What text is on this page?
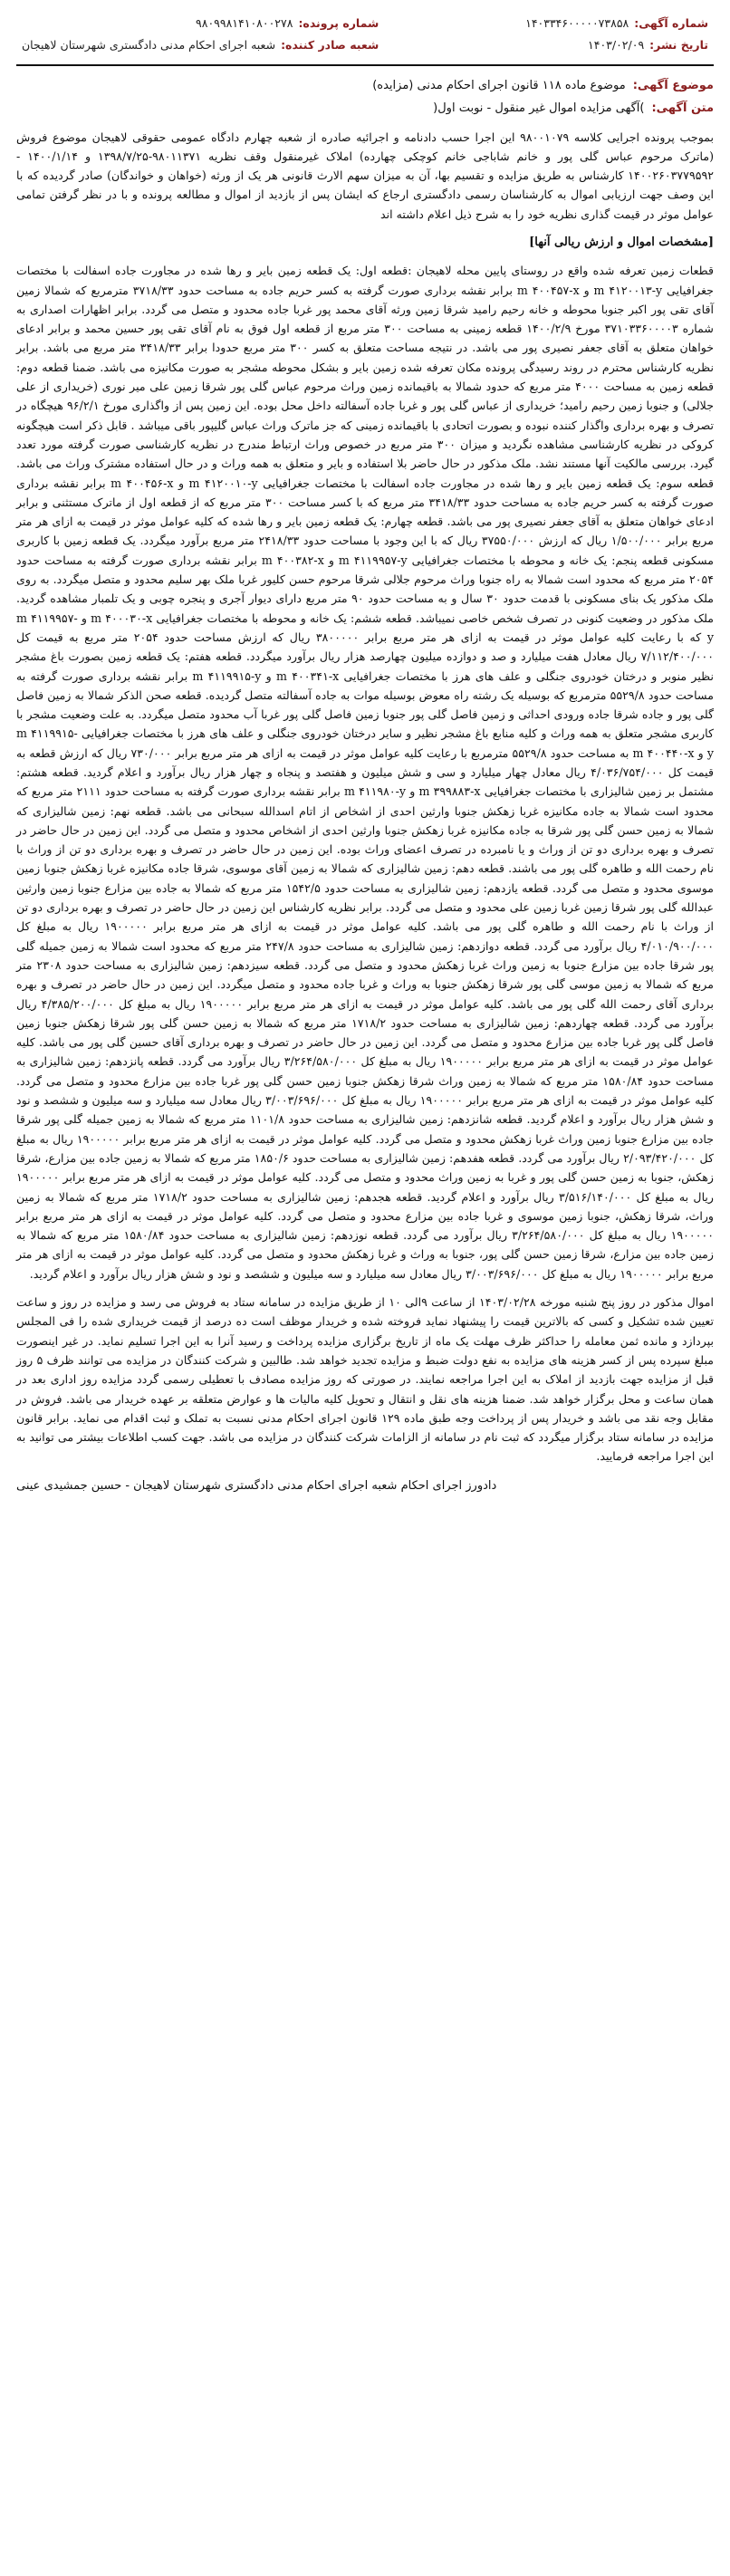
شماره آگهی:
۱۴۰۳۳۴۶۰۰۰۰۰۷۳۸۵۸
شماره پرونده:
۹۸۰۹۹۸۱۴۱۰۸۰۰۲۷۸
تاریخ نشر:
۱۴۰۳/۰۲/۰۹
شعبه صادر کننده:
شعبه اجرای احکام مدنی دادگستری شهرستان لاهیجان
موضوع آگهی:
موضوع ماده ۱۱۸ قانون اجرای احکام مدنی (مزایده)
متن آگهی:
)آگهی مزایده اموال غیر منقول - نوبت اول(

بموجب پرونده اجرایی کلاسه ۹۸۰۰۱۰۷۹ این اجرا حسب دادنامه و اجرائیه صادره از شعبه چهارم دادگاه عمومی حقوقی لاهیجان موضوع فروش (ماترک مرحوم عباس گلی پور و خانم شاباجی خانم کوچکی چهارده) املاک غیرمنقول وقف نظریه ۹۸۰۱۱۳۷۱-۱۳۹۸/۷/۲۵ و ۱۴۰۰/۱/۱۴ - ۱۴۰۰۲۶۰۳۷۷۹۵۹۲ کارشناس به طریق مزایده و تقسیم بها، آن به میزان سهم الارث قانونی هر یک از ورثه (خواهان و خواندگان) صادر گردیده که با این وصف جهت ارزیابی اموال به کارشناسان رسمی دادگستری ارجاع که ایشان پس از بازدید از اموال و مطالعه پرونده و با در نظر گرفتن تمامی عوامل موثر در قیمت گذاری نظریه خود را به شرح ذیل اعلام داشته اند

[مشخصات اموال و ارزش ریالی آنها]

قطعات زمین تعرفه شده واقع در روستای پایین محله لاهیجان :قطعه اول: یک قطعه زمین بایر و رها شده در مجاورت جاده اسفالت با مختصات جغرافیایی m ۴۱۲۰۰۱۳-y و m ۴۰۰۴۵۷-x برابر نقشه برداری صورت گرفته به کسر حریم جاده به مساحت حدود ۳۷۱۸/۳۳ مترمربع که شمالا زمین آقای تقی پور اکبر جنوبا محوطه و خانه رحیم رامید شرقا زمین ورثه آقای محمد پور غربا جاده محدود و متصل می گردد. برابر اظهارات اصداری به شماره ۳۷۱۰۳۳۶۰۰۰۰۳ مورخ ۱۴۰۰/۲/۹ قطعه زمینی به مساحت ۳۰۰ متر مربع از قطعه اول فوق به نام آقای تقی پور حسین محمد و برابر ادعای خواهان متعلق به آقای جعفر نصیری پور می باشد. در نتیجه مساحت متعلق به کسر ۳۰۰ متر مربع حدودا برابر ۳۴۱۸/۳۳ متر مربع می باشد. برابر نظریه کارشناس محترم در روند رسیدگی پرونده مکان تعرفه شده زمین بایر و بشکل محوطه مشجر به صورت مکانیزه می باشد. ضمنا قطعه دوم: قطعه زمین به مساحت ۴۰۰۰ متر مربع که حدود شمالا به باقیمانده زمین وراث مرحوم عباس گلی پور شرقا زمین علی میر نوری (خریداری از علی جلالی) و جنوبا زمین رحیم رامید؛ خریداری از عباس گلی پور و غربا جاده آسفالته داخل محل بوده. این زمین پس از واگذاری مورخ ۹۶/۲/۱ هیچگاه در تصرف و بهره برداری واگذار کننده نبوده و بصورت اتحادی با باقیمانده زمینی که جز ماترک وراث عباس گلیپور باقی میباشد . قابل ذکر است هیچگونه کروکی در نظریه کارشناسی مشاهده نگردید و میزان ۳۰۰ متر مربع در خصوص وراث ارتباط مندرج در نظریه کارشناسی صورت گرفته مورد تعدد گیرد. بررسی مالکیت آنها مستند نشد. ملک مذکور در حال حاضر بلا استفاده و بایر و متعلق به همه وراث و در حال استفاده مشترک وراث می باشد. قطعه سوم: یک قطعه زمین بایر و رها شده در مجاورت جاده اسفالت با مختصات جغرافیایی m ۴۱۲۰۰۱۰-y و m ۴۰۰۴۵۶-x برابر نقشه برداری صورت گرفته به کسر حریم جاده به مساحت حدود ۳۴۱۸/۳۳ متر مربع که با کسر مساحت ۳۰۰ متر مربع که از قطعه اول از ماترک مستثنی و برابر ادعای خواهان متعلق به آقای جعفر نصیری پور می باشد. قطعه چهارم: یک قطعه زمین بایر و رها شده که کلیه عوامل موثر در قیمت به ازای هر متر مربع برابر ۱/۵۰۰/۰۰۰ ریال که ارزش ۳۷۵۵۰/۰۰۰ ریال که با این وجود با مساحت حدود ۲۴۱۸/۳۳ متر مربع برآورد میگردد. یک قطعه زمین با کاربری مسکونی قطعه پنجم: یک خانه و محوطه با مختصات جغرافیایی m ۴۱۱۹۹۵۷-y و m ۴۰۰۳۸۲-x برابر نقشه برداری صورت گرفته به مساحت حدود ۲۰۵۴ متر مربع که محدود است شمالا به راه جنوبا وراث مرحوم جلالی شرقا مرحوم حسن کلیور غربا ملک بهر سلیم محدود و متصل میگردد. به روی ملک مذکور یک بنای مسکونی با قدمت حدود ۳۰ سال و به مساحت حدود ۹۰ متر مربع دارای دیوار آجری و پنجره چوبی و یک تلمبار مشاهده گردید. ملک مذکور در وضعیت کنونی در تصرف شخص خاصی نمیباشد. قطعه ششم: یک خانه و محوطه با مختصات جغرافیایی m ۴۰۰۰۳۰-x و m ۴۱۱۹۹۵۷-y که با رعایت کلیه عوامل موثر در قیمت به ازای هر متر مربع برابر ۳۸۰۰۰۰۰ ریال که ارزش مساحت حدود ۲۰۵۴ متر مربع به قیمت کل ۷/۱۱۲/۴۰۰/۰۰۰ ریال معادل هفت میلیارد و صد و دوازده میلیون چهارصد هزار ریال برآورد میگردد. قطعه هفتم: یک قطعه زمین بصورت باغ مشجر نظیر منوبر و درختان خودروی جنگلی و علف های هرز با مختصات جغرافیایی m ۴۰۰۳۴۱-x و m ۴۱۱۹۹۱۵-y برابر نقشه برداری صورت گرفته به مساحت حدود ۵۵۲۹/۸ مترمربع که بوسیله یک رشته راه معوض بوسیله موات به جاده آسفالته متصل گردیده. قطعه صحن الذکر شمالا به زمین فاصل گلی پور و جاده شرقا جاده ورودی احداثی و زمین فاصل گلی پور جنوبا زمین فاصل گلی پور غربا آب محدود متصل میگردد. به علت وضعیت مشجر با کاربری مشجر متعلق به همه وراث و کلیه منابع باغ مشجر نظیر و سایر درختان خودروی جنگلی و علف های هرز با مختصات جغرافیایی m ۴۱۱۹۹۱۵-y و m ۴۰۰۴۴۰-x به مساحت حدود ۵۵۲۹/۸ مترمربع با رعایت کلیه عوامل موثر در قیمت به ازای هر متر مربع برابر ۷۳۰/۰۰۰ ریال که ارزش قطعه به قیمت کل ۴/۰۳۶/۷۵۴/۰۰۰ ریال معادل چهار میلیارد و سی و شش میلیون و هفتصد و پنجاه و چهار هزار ریال برآورد و اعلام گردید. قطعه هشتم: مشتمل بر زمین شالیزاری با مختصات جغرافیایی m ۳۹۹۸۸۳-x و m ۴۱۱۹۸۰-y برابر نقشه برداری صورت گرفته به مساحت حدود ۲۱۱۱ متر مربع که محدود است شمالا به جاده مکانیزه غربا زهکش جنوبا وارثین احدی از اشخاص از اتام اسدالله سبحانی می باشد. قطعه نهم: زمین شالیزاری که شمالا به زمین حسن گلی پور شرقا به جاده مکانیزه غربا زهکش جنوبا وارثین احدی از اشخاص محدود و متصل می گردد. این زمین در حال حاضر در تصرف و بهره برداری دو تن از وراث و یا نامبرده در تصرف اعضای وراث بوده. این زمین در حال حاضر در تصرف و بهره برداری دو تن از وراث با نام رحمت الله و طاهره گلی پور می باشند. قطعه دهم: زمین شالیزاری که شمالا به زمین آقای موسوی، شرقا جاده مکانیزه غربا زهکش جنوبا زمین موسوی محدود و متصل می گردد. قطعه یازدهم: زمین شالیزاری به مساحت حدود ۱۵۴۲/۵ متر مربع که شمالا به جاده بین مزارع جنوبا زمین وارثین عبدالله گلی پور شرقا زمین غربا زمین علی محدود و متصل می گردد. برابر نظریه کارشناس این زمین در حال حاضر در تصرف و بهره برداری دو تن از وراث با نام رحمت الله و طاهره گلی پور می باشد. کلیه عوامل موثر در قیمت به ازای هر متر مربع برابر ۱۹۰۰۰۰۰ ریال به مبلغ کل ۴/۰۱۰/۹۰۰/۰۰۰ ریال برآورد می گردد. قطعه دوازدهم: زمین شالیزاری به مساحت حدود ۲۴۷/۸ متر مربع که محدود است شمالا به زمین جمیله گلی پور شرقا جاده بین مزارع جنوبا به زمین وراث غربا زهکش محدود و متصل می گردد. قطعه سیزدهم: زمین شالیزاری به مساحت حدود ۲۳۰۸ متر مربع که شمالا به زمین موسی گلی پور شرقا زهکش جنوبا به وراث و غربا جاده محدود و متصل میگردد. این زمین در حال حاضر در تصرف و بهره برداری آقای رحمت الله گلی پور می باشد. کلیه عوامل موثر در قیمت به ازای هر متر مربع برابر ۱۹۰۰۰۰۰ ریال به مبلغ کل ۴/۳۸۵/۲۰۰/۰۰۰ ریال برآورد می گردد. قطعه چهاردهم: زمین شالیزاری به مساحت حدود ۱۷۱۸/۲ متر مربع که شمالا به زمین حسن گلی پور شرقا زهکش جنوبا زمین فاصل گلی پور غربا جاده بین مزارع محدود و متصل می گردد. این زمین در حال حاضر در تصرف و بهره برداری آقای حسین گلی پور می باشد. کلیه عوامل موثر در قیمت به ازای هر متر مربع برابر ۱۹۰۰۰۰۰ ریال به مبلغ کل ۳/۲۶۴/۵۸۰/۰۰۰ ریال برآورد می گردد. قطعه پانزدهم: زمین شالیزاری به مساحت حدود ۱۵۸۰/۸۴ متر مربع که شمالا به زمین وراث شرقا زهکش جنوبا زمین حسن گلی پور غربا جاده بین مزارع محدود و متصل می گردد. کلیه عوامل موثر در قیمت به ازای هر متر مربع برابر ۱۹۰۰۰۰۰ ریال به مبلغ کل ۳/۰۰۳/۶۹۶/۰۰۰ ریال معادل سه میلیارد و سه میلیون و ششصد و نود و شش هزار ریال برآورد و اعلام گردید. قطعه شانزدهم: زمین شالیزاری به مساحت حدود ۱۱۰۱/۸ متر مربع که شمالا به زمین جمیله گلی پور شرقا جاده بین مزارع جنوبا زمین وراث غربا زهکش محدود و متصل می گردد. کلیه عوامل موثر در قیمت به ازای هر متر مربع برابر ۱۹۰۰۰۰۰ ریال به مبلغ کل ۲/۰۹۳/۴۲۰/۰۰۰ ریال برآورد می گردد. قطعه هفدهم: زمین شالیزاری به مساحت حدود ۱۸۵۰/۶ متر مربع که شمالا به زمین جاده بین مزارع، شرقا زهکش، جنوبا به زمین حسن گلی پور و غربا به زمین وراث محدود و متصل می گردد. کلیه عوامل موثر در قیمت به ازای هر متر مربع برابر ۱۹۰۰۰۰۰ ریال به مبلغ کل ۳/۵۱۶/۱۴۰/۰۰۰ ریال برآورد و اعلام گردید. قطعه هجدهم: زمین شالیزاری به مساحت حدود ۱۷۱۸/۲ متر مربع که شمالا به زمین وراث، شرقا زهکش، جنوبا زمین موسوی و غربا جاده بین مزارع محدود و متصل می گردد. کلیه عوامل موثر در قیمت به ازای هر متر مربع برابر ۱۹۰۰۰۰۰ ریال به مبلغ کل ۳/۲۶۴/۵۸۰/۰۰۰ ریال برآورد می گردد. قطعه نوزدهم: زمین شالیزاری به مساحت حدود ۱۵۸۰/۸۴ متر مربع که شمالا به زمین جاده بین مزارع، شرقا زمین حسن گلی پور، جنوبا به وراث و غربا زهکش محدود و متصل می گردد. کلیه عوامل موثر در قیمت به ازای هر متر مربع برابر ۱۹۰۰۰۰۰ ریال به مبلغ کل ۳/۰۰۳/۶۹۶/۰۰۰ ریال معادل سه میلیارد و سه میلیون و ششصد و نود و شش هزار ریال برآورد و اعلام گردید.

اموال مذکور در روز پنج شنبه مورخه ۱۴۰۳/۰۲/۲۸ از ساعت ۹الی ۱۰ از طریق مزایده در سامانه ستاد به فروش می رسد و مزایده در روز و ساعت تعیین شده تشکیل و کسی که بالاترین قیمت را پیشنهاد نماید فروخته شده و خریدار موظف است ده درصد از قیمت خریداری شده را فی المجلس بپردازد و مانده ثمن معامله را حداکثر ظرف مهلت یک ماه از تاریخ برگزاری مزایده پرداخت و رسید آنرا به این اجرا تسلیم نماید. در غیر اینصورت مبلغ سپرده پس از کسر هزینه های مزایده به نفع دولت ضبط و مزایده تجدید خواهد شد. طالبین و شرکت کنندگان در مزایده می توانند ظرف ۵ روز قبل از مزایده جهت بازدید از املاک به این اجرا مراجعه نمایند. در صورتی که روز مزایده مصادف با تعطیلی رسمی گردد مزایده روز اداری بعد در همان ساعت و محل برگزار خواهد شد. ضمنا هزینه های نقل و انتقال و تحویل کلیه مالیات ها و عوارض متعلقه بر عهده خریدار می باشد. فروش در مقابل وجه نقد می باشد و خریدار پس از پرداخت وجه طبق ماده ۱۲۹ قانون اجرای احکام مدنی نسبت به تملک و ثبت اقدام می نماید. برابر قانون مزایده در سامانه ستاد برگزار میگردد که ثبت نام در سامانه از الزامات شرکت کنندگان در مزایده می باشد. جهت کسب اطلاعات بیشتر می توانید به این اجرا مراجعه فرمایید.

دادورز اجرای احکام شعبه اجرای احکام مدنی دادگستری شهرستان لاهیجان - حسین جمشیدی عینی
